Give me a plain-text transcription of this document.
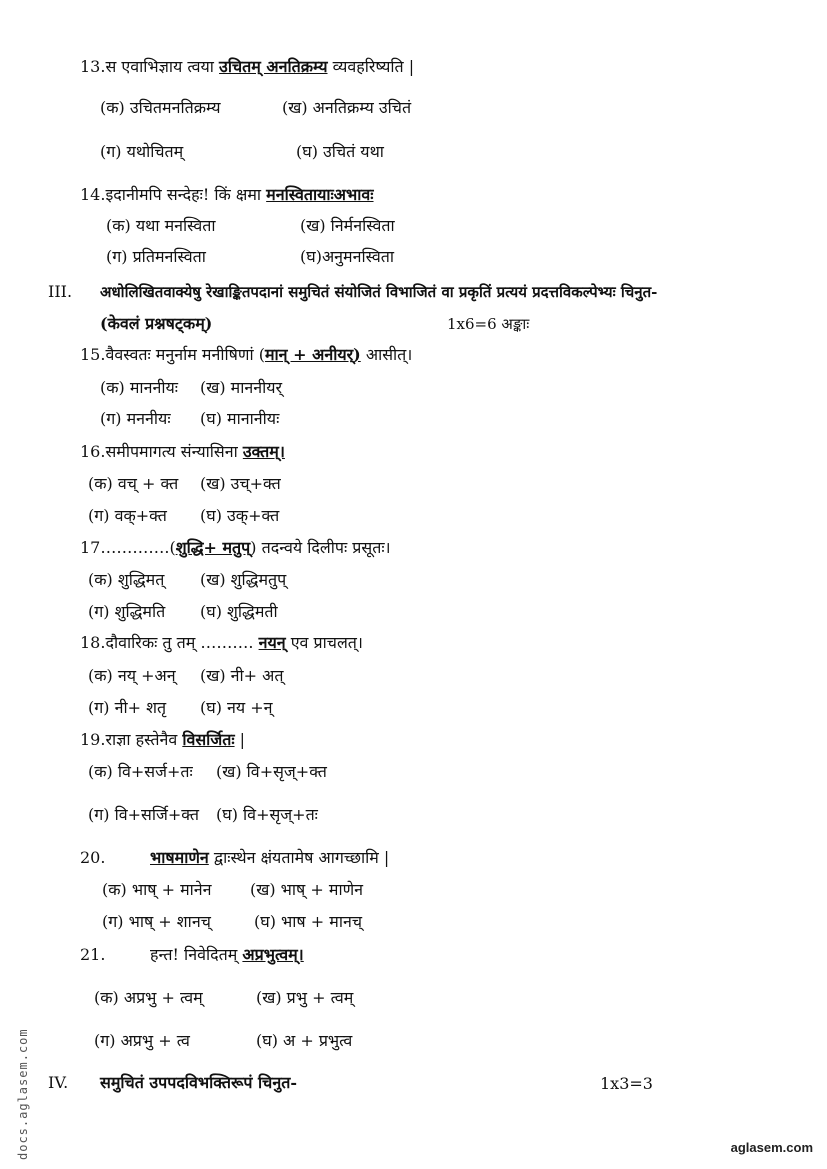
13.स एवाभिज्ञाय त्वया उचितम् अनतिक्रम्य व्यवहरिष्यति |
(क) उचितमनतिक्रम्य	(ख) अनतिक्रम्य उचितं
(ग) यथोचितम्	(घ) उचितं यथा
14.इदानीमपि सन्देहः! किं क्षमा मनस्वितायाःअभावः
(क) यथा मनस्विता	(ख) निर्मनस्विता
(ग) प्रतिमनस्विता	(घ)अनुमनस्विता
III. अधोलिखितवाक्येषु रेखाङ्कितपदानां समुचितं संयोजितं विभाजितं वा प्रकृतिं प्रत्ययं प्रदत्तविकल्पेभ्यः चिनुत-
(केवलं प्रश्नषट्कम्)	1x6=6 अङ्काः
15.वैवस्वतः मनुर्नाम मनीषिणां (मान् + अनीयर्) आसीत्।
(क) माननीयः (ख) माननीयर्
(ग) मननीयः (घ) मानानीयः
16.समीपमागत्य संन्यासिना उक्तम्।
(क) वच् + क्त (ख) उच्+क्त
(ग) वक्+क्त (घ) उक्+क्त
17………….(शुद्धि+ मतुप्) तदन्वये दिलीपः प्रसूतः।
(क) शुद्धिमत् (ख) शुद्धिमतुप्
(ग) शुद्धिमति (घ) शुद्धिमती
18.दौवारिकः तु तम् ………. नयन् एव प्राचलत्।
(क) नय् +अन् (ख) नी+ अत्
(ग) नी+ शतृ (घ) नय +न्
19.राज्ञा हस्तेनैव विसर्जितः |
(क) वि+सर्ज+तः (ख) वि+सृज्+क्त
(ग) वि+सर्जि+क्त (घ) वि+सृज्+तः
20.	भाषमाणेन द्वाःस्थेन क्षंयतामेष आगच्छामि |
(क) भाष् + मानेन (ख) भाष् + माणेन
(ग) भाष् + शानच्	(घ) भाष + मानच्
21.	हन्त! निवेदितम् अप्रभुत्वम्।
(क) अप्रभु + त्वम्	(ख) प्रभु + त्वम्
(ग) अप्रभु + त्व	(घ) अ + प्रभुत्व
IV. समुचितं उपपदविभक्तिरूपं चिनुत-	1x3=3
docs.aglasem.com	aglasem.com
